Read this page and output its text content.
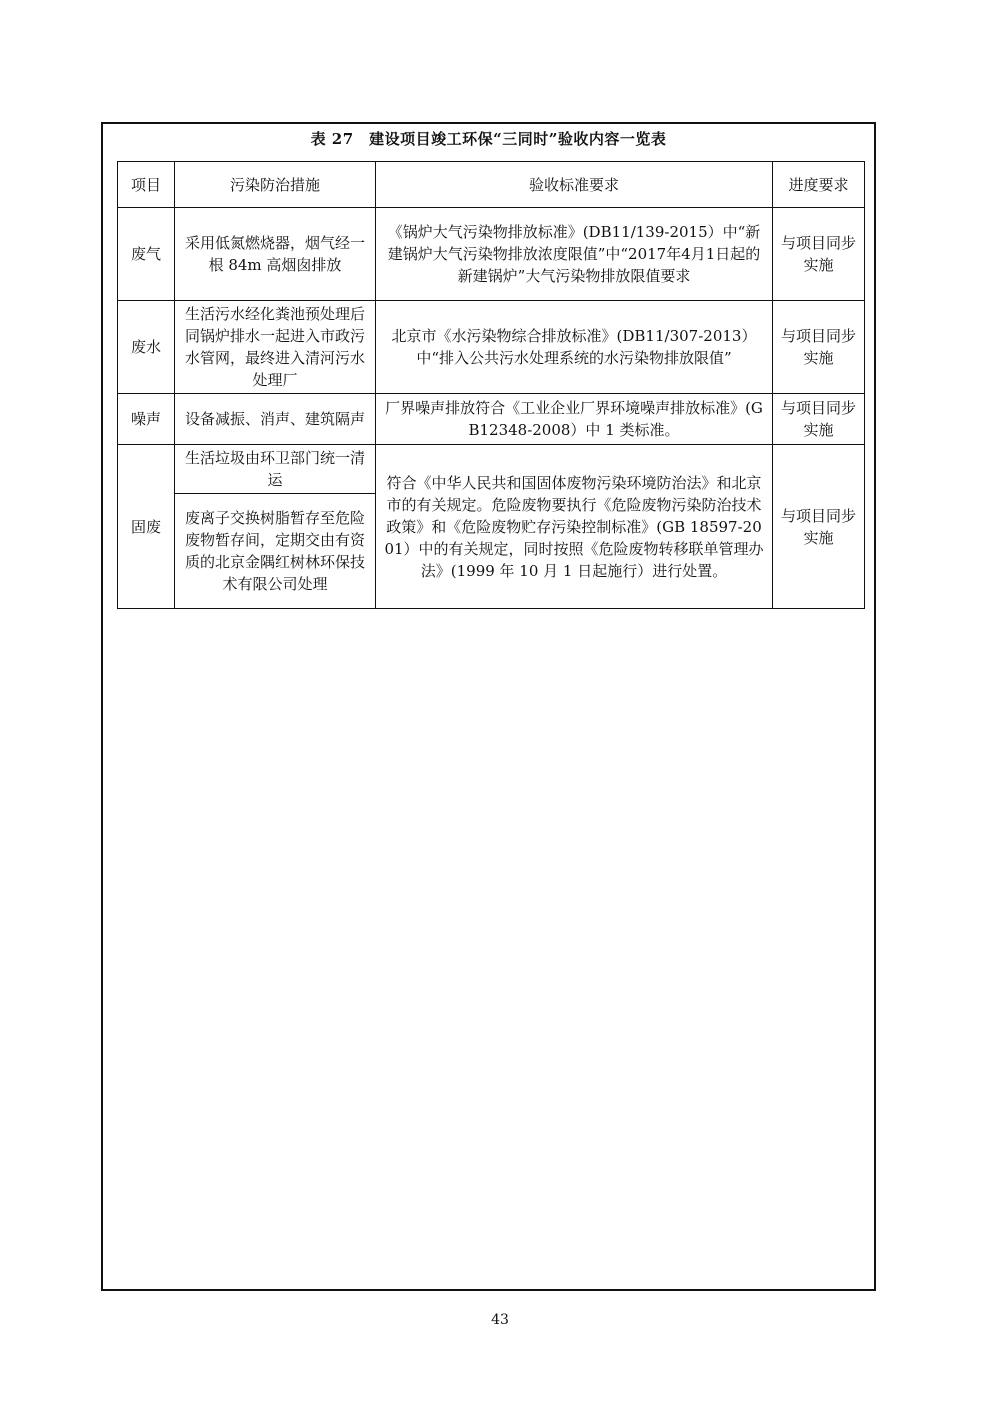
表 27　建设项目竣工环保“三同时”验收内容一览表
项目	污染防治措施	验收标准要求	进度要求
废气	采用低氮燃烧器，烟气经一根 84m 高烟囱排放	《锅炉大气污染物排放标准》(DB11/139-2015）中“新建锅炉大气污染物排放浓度限值”中“2017年4月1日起的新建锅炉”大气污染物排放限值要求	与项目同步实施
废水	生活污水经化粪池预处理后同锅炉排水一起进入市政污水管网，最终进入清河污水处理厂	北京市《水污染物综合排放标准》(DB11/307-2013）中“排入公共污水处理系统的水污染物排放限值”	与项目同步实施
噪声	设备减振、消声、建筑隔声	厂界噪声排放符合《工业企业厂界环境噪声排放标准》(GB12348-2008）中 1 类标准。	与项目同步实施
固废	生活垃圾由环卫部门统一清运	符合《中华人民共和国固体废物污染环境防治法》和北京市的有关规定。危险废物要执行《危险废物污染防治技术政策》和《危险废物贮存污染控制标准》(GB 18597-2001）中的有关规定，同时按照《危险废物转移联单管理办法》(1999 年 10 月 1 日起施行）进行处置。	与项目同步实施
	废离子交换树脂暂存至危险废物暂存间，定期交由有资质的北京金隅红树林环保技术有限公司处理		
43
